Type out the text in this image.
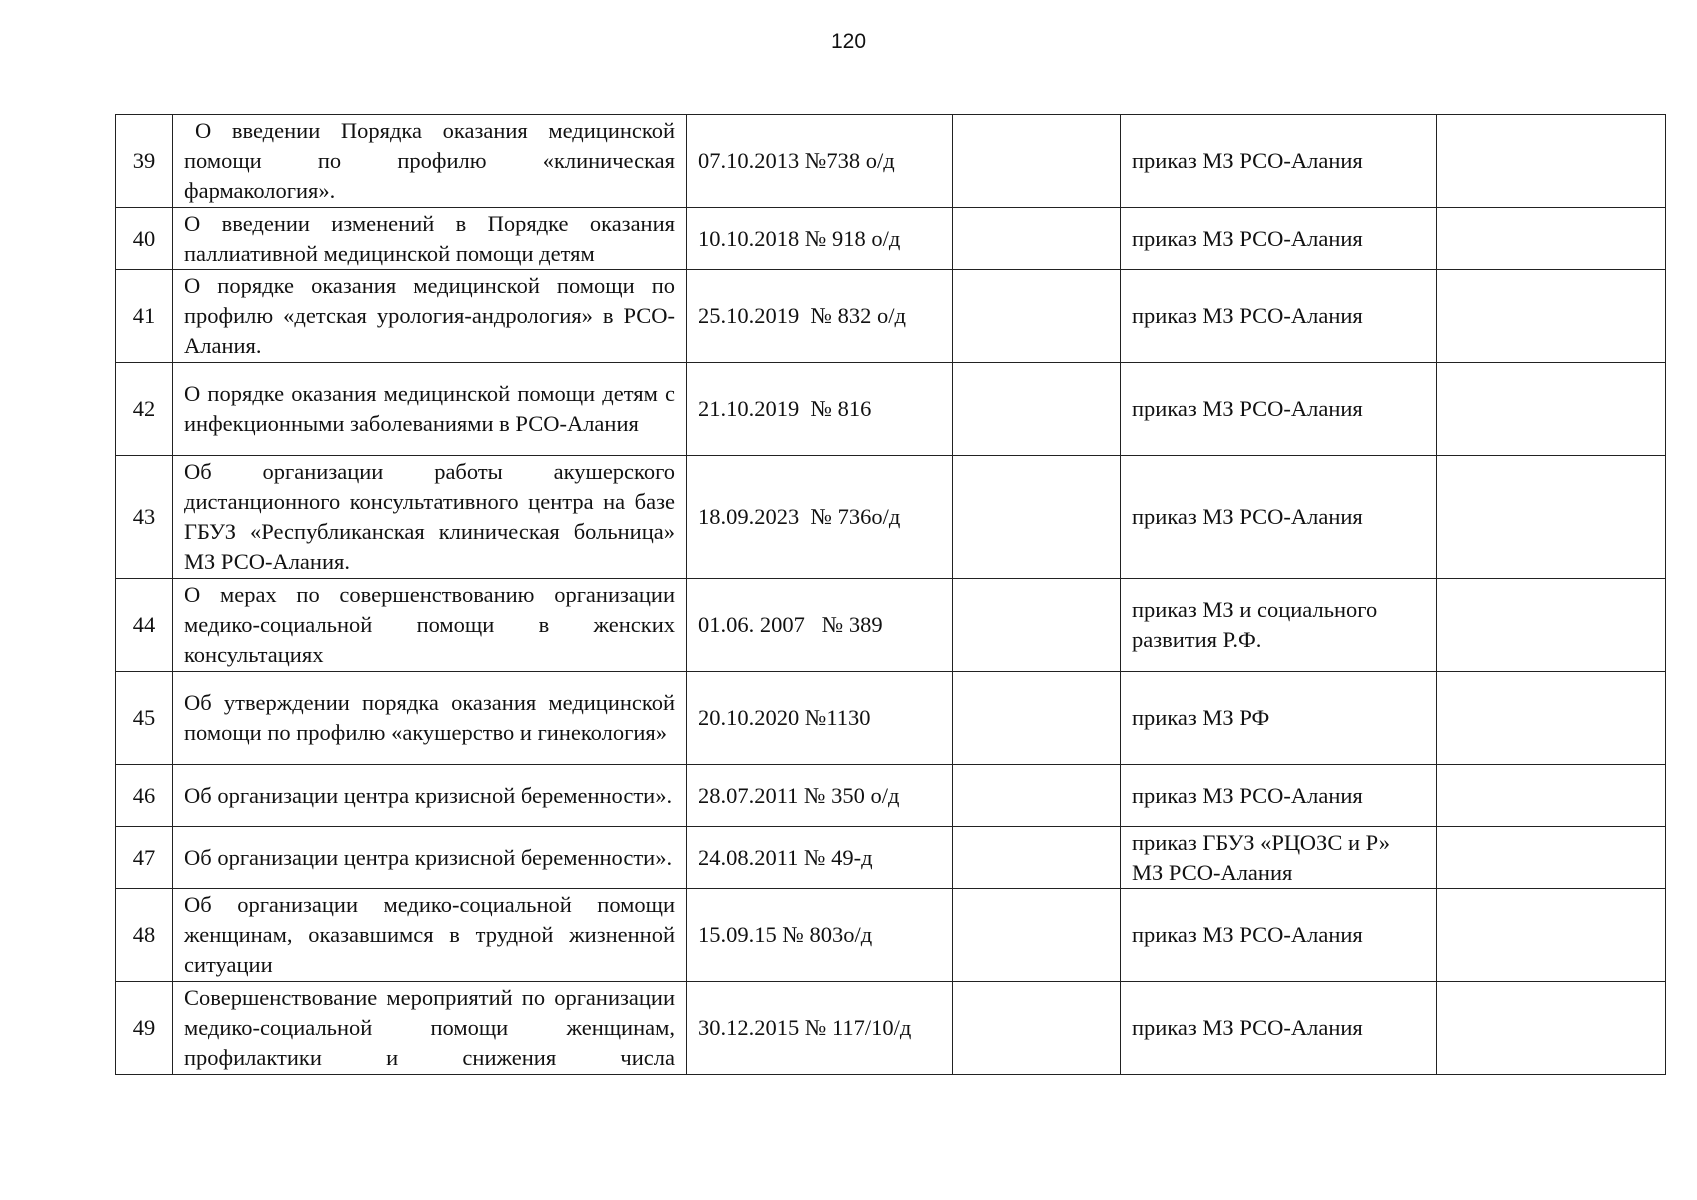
120
39	О введении Порядка оказания медицинской помощи по профилю «клиническая фармакология».	07.10.2013 №738 о/д		приказ МЗ РСО-Алания	
40	О введении изменений в Порядке оказания паллиативной медицинской помощи детям	10.10.2018 № 918 о/д		приказ МЗ РСО-Алания	
41	О порядке оказания медицинской помощи по профилю «детская урология-андрология» в РСО-Алания.	25.10.2019  № 832 о/д		приказ МЗ РСО-Алания	
42	О порядке оказания медицинской помощи детям с инфекционными заболеваниями в РСО-Алания	21.10.2019  № 816		приказ МЗ РСО-Алания	
43	Об организации работы акушерского дистанционного консультативного центра на базе ГБУЗ «Республиканская клиническая больница» МЗ РСО-Алания.	18.09.2023  № 736о/д		приказ МЗ РСО-Алания	
44	О мерах по совершенствованию организации медико-социальной помощи в женских консультациях	01.06. 2007   № 389		приказ МЗ и социального развития Р.Ф.	
45	Об утверждении порядка оказания медицинской помощи по профилю «акушерство и гинекология»	20.10.2020 №1130		приказ МЗ РФ	
46	Об организации центра кризисной беременности».	28.07.2011 № 350 о/д		приказ МЗ РСО-Алания	
47	Об организации центра кризисной беременности».	24.08.2011 № 49-д		приказ ГБУЗ «РЦОЗС и Р» МЗ РСО-Алания	
48	Об организации медико-социальной помощи женщинам, оказавшимся в трудной жизненной ситуации	15.09.15 № 803о/д		приказ МЗ РСО-Алания	
49	Совершенствование мероприятий по организации медико-социальной помощи женщинам, профилактики и снижения числа	30.12.2015 № 117/10/д		приказ МЗ РСО-Алания	
